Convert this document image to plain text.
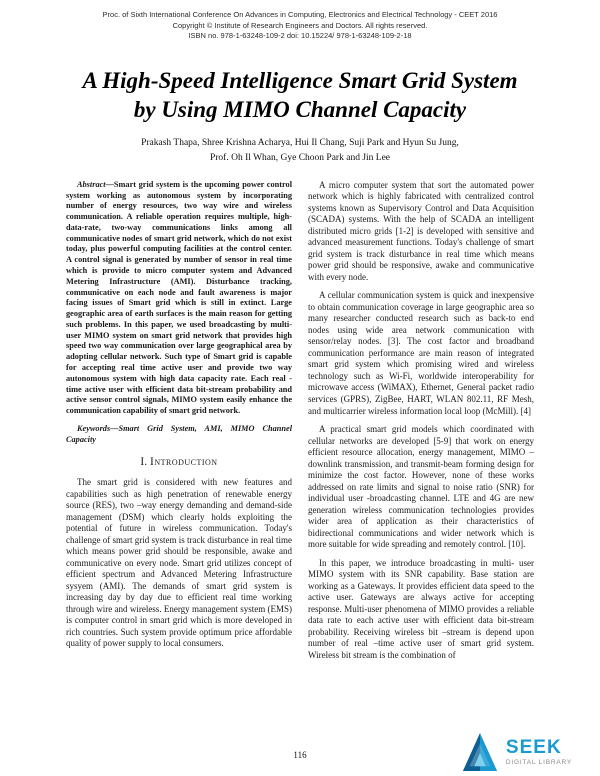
Proc. of Sixth International Conference On Advances in Computing, Electronics and Electrical Technology - CEET 2016
Copyright © Institute of Research Engineers and Doctors. All rights reserved.
ISBN no. 978-1-63248-109-2 doi: 10.15224/ 978-1-63248-109-2-18
A High-Speed Intelligence Smart Grid System
by Using MIMO Channel Capacity
Prakash Thapa, Shree Krishna Acharya, Hui Il Chang, Suji Park and Hyun Su Jung,
Prof. Oh Il Whan, Gye Choon Park and Jin Lee

Abstract—Smart grid system is the upcoming power control system working as autonomous system by incorporating number of energy resources, two way wire and wireless communication. A reliable operation requires multiple, high-data-rate, two-way communications links among all communicative nodes of smart grid network, which do not exist today, plus powerful computing facilities at the control center. A control signal is generated by number of sensor in real time which is provide to micro computer system and Advanced Metering Infrastructure (AMI). Disturbance tracking, communicative on each node and fault awareness is major facing issues of Smart grid which is still in extinct. Large geographic area of earth surfaces is the main reason for getting such problems. In this paper, we used broadcasting by multi-user MIMO system on smart grid network that provides high speed two way communication over large geographical area by adopting cellular network. Such type of Smart grid is capable for accepting real time active user and provide two way autonomous system with high data capacity rate. Each real -time active user with efficient data bit-stream probability and active sensor control signals, MIMO system easily enhance the communication capability of smart grid network.

Keywords—Smart Grid System, AMI, MIMO Channel Capacity

I. Introduction

The smart grid is considered with new features and capabilities such as high penetration of renewable energy source (RES), two –way energy demanding and demand-side management (DSM) which clearly holds exploiting the potential of future in wireless communication. Today's challenge of smart grid system is track disturbance in real time which means power grid should be responsible, awake and communicative on every node. Smart grid utilizes concept of efficient spectrum and Advanced Metering Infrastructure sysyem (AMI). The demands of smart grid system is increasing day by day due to efficient real time working through wire and wireless. Energy management system (EMS) is computer control in smart grid which is more developed in rich countries. Such system provide optimum price affordable quality of power supply to local consumers.

A micro computer system that sort the automated power network which is highly fabricated with centralized control systems known as Supervisory Control and Data Acquisition (SCADA) systems. With the help of SCADA an intelligent distributed micro grids [1-2] is developed with sensitive and advanced measurement functions. Today's challenge of smart grid system is track disturbance in real time which means power grid should be responsive, awake and communicative with every node.

A cellular communication system is quick and inexpensive to obtain communication coverage in large geographic area so many researcher conducted research such as back-to end nodes using wide area network communication with sensor/relay nodes. [3]. The cost factor and broadband communication performance are main reason of integrated smart grid system which promising wired and wireless technology such as Wi-Fi, worldwide interoperability for microwave access (WiMAX), Ethernet, General packet radio services (GPRS), ZigBee, HART, WLAN 802.11, RF Mesh, and multicarrier wireless information local loop (McMill). [4]

A practical smart grid models which coordinated with cellular networks are developed [5-9] that work on energy efficient resource allocation, energy management, MIMO –downlink transmission, and transmit-beam forming design for minimize the cost factor. However, none of these works addressed on rate limits and signal to noise ratio (SNR) for individual user -broadcasting channel. LTE and 4G are new generation wireless communication technologies provides wider area of application as their characteristics of bidirectional communications and wider network which is more suitable for wide spreading and remotely control. [10].

In this paper, we introduce broadcasting in multi- user MIMO system with its SNR capability. Base station are working as a Gateways. It provides efficient data speed to the active user. Gateways are always active for accepting response. Multi-user phenomena of MIMO provides a reliable data rate to each active user with efficient data bit-stream probability. Receiving wireless bit –stream is depend upon number of real –time active user of smart grid system. Wireless bit stream is the combination of

116	SEEK
DIGITAL LIBRARY
